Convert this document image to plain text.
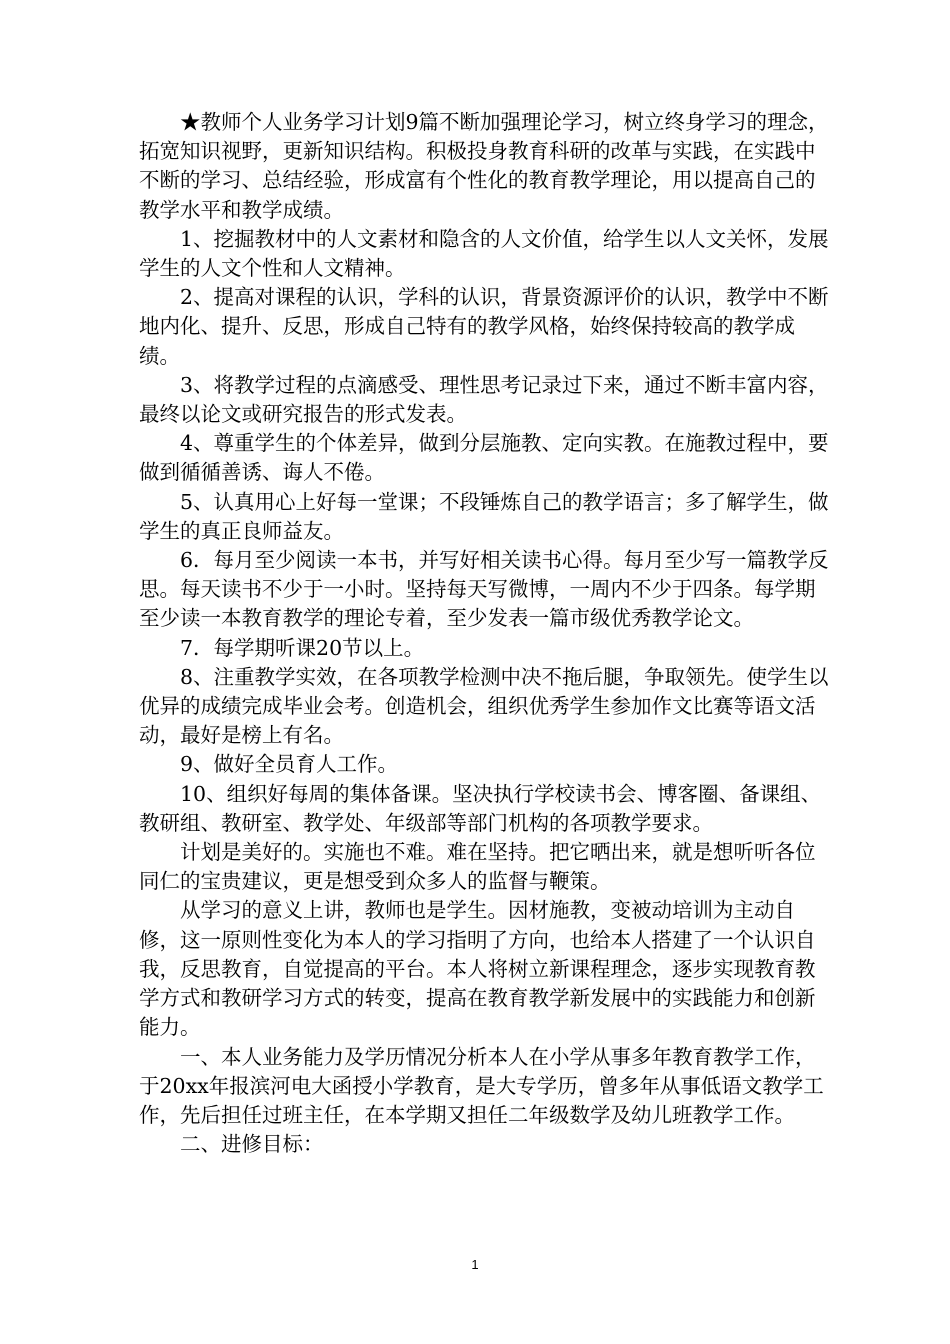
★教师个人业务学习计划9篇不断加强理论学习，树立终身学习的理念，拓宽知识视野，更新知识结构。积极投身教育科研的改革与实践，在实践中不断的学习、总结经验，形成富有个性化的教育教学理论，用以提高自己的教学水平和教学成绩。

1、挖掘教材中的人文素材和隐含的人文价值，给学生以人文关怀，发展学生的人文个性和人文精神。

2、提高对课程的认识，学科的认识，背景资源评价的认识，教学中不断地内化、提升、反思，形成自己特有的教学风格，始终保持较高的教学成绩。

3、将教学过程的点滴感受、理性思考记录过下来，通过不断丰富内容，最终以论文或研究报告的形式发表。

4、尊重学生的个体差异，做到分层施教、定向实教。在施教过程中，要做到循循善诱、诲人不倦。

5、认真用心上好每一堂课；不段锤炼自己的教学语言；多了解学生，做学生的真正良师益友。

6．每月至少阅读一本书，并写好相关读书心得。每月至少写一篇教学反思。每天读书不少于一小时。坚持每天写微博，一周内不少于四条。每学期至少读一本教育教学的理论专着，至少发表一篇市级优秀教学论文。

7．每学期听课20节以上。

8、注重教学实效，在各项教学检测中决不拖后腿，争取领先。使学生以优异的成绩完成毕业会考。创造机会，组织优秀学生参加作文比赛等语文活动，最好是榜上有名。

9、做好全员育人工作。

10、组织好每周的集体备课。坚决执行学校读书会、博客圈、备课组、教研组、教研室、教学处、年级部等部门机构的各项教学要求。

计划是美好的。实施也不难。难在坚持。把它晒出来，就是想听听各位同仁的宝贵建议，更是想受到众多人的监督与鞭策。

从学习的意义上讲，教师也是学生。因材施教，变被动培训为主动自修，这一原则性变化为本人的学习指明了方向，也给本人搭建了一个认识自我，反思教育，自觉提高的平台。本人将树立新课程理念，逐步实现教育教学方式和教研学习方式的转变，提高在教育教学新发展中的实践能力和创新能力。

一、本人业务能力及学历情况分析本人在小学从事多年教育教学工作，于20xx年报滨河电大函授小学教育，是大专学历，曾多年从事低语文教学工作，先后担任过班主任，在本学期又担任二年级数学及幼儿班教学工作。

二、进修目标：

1
